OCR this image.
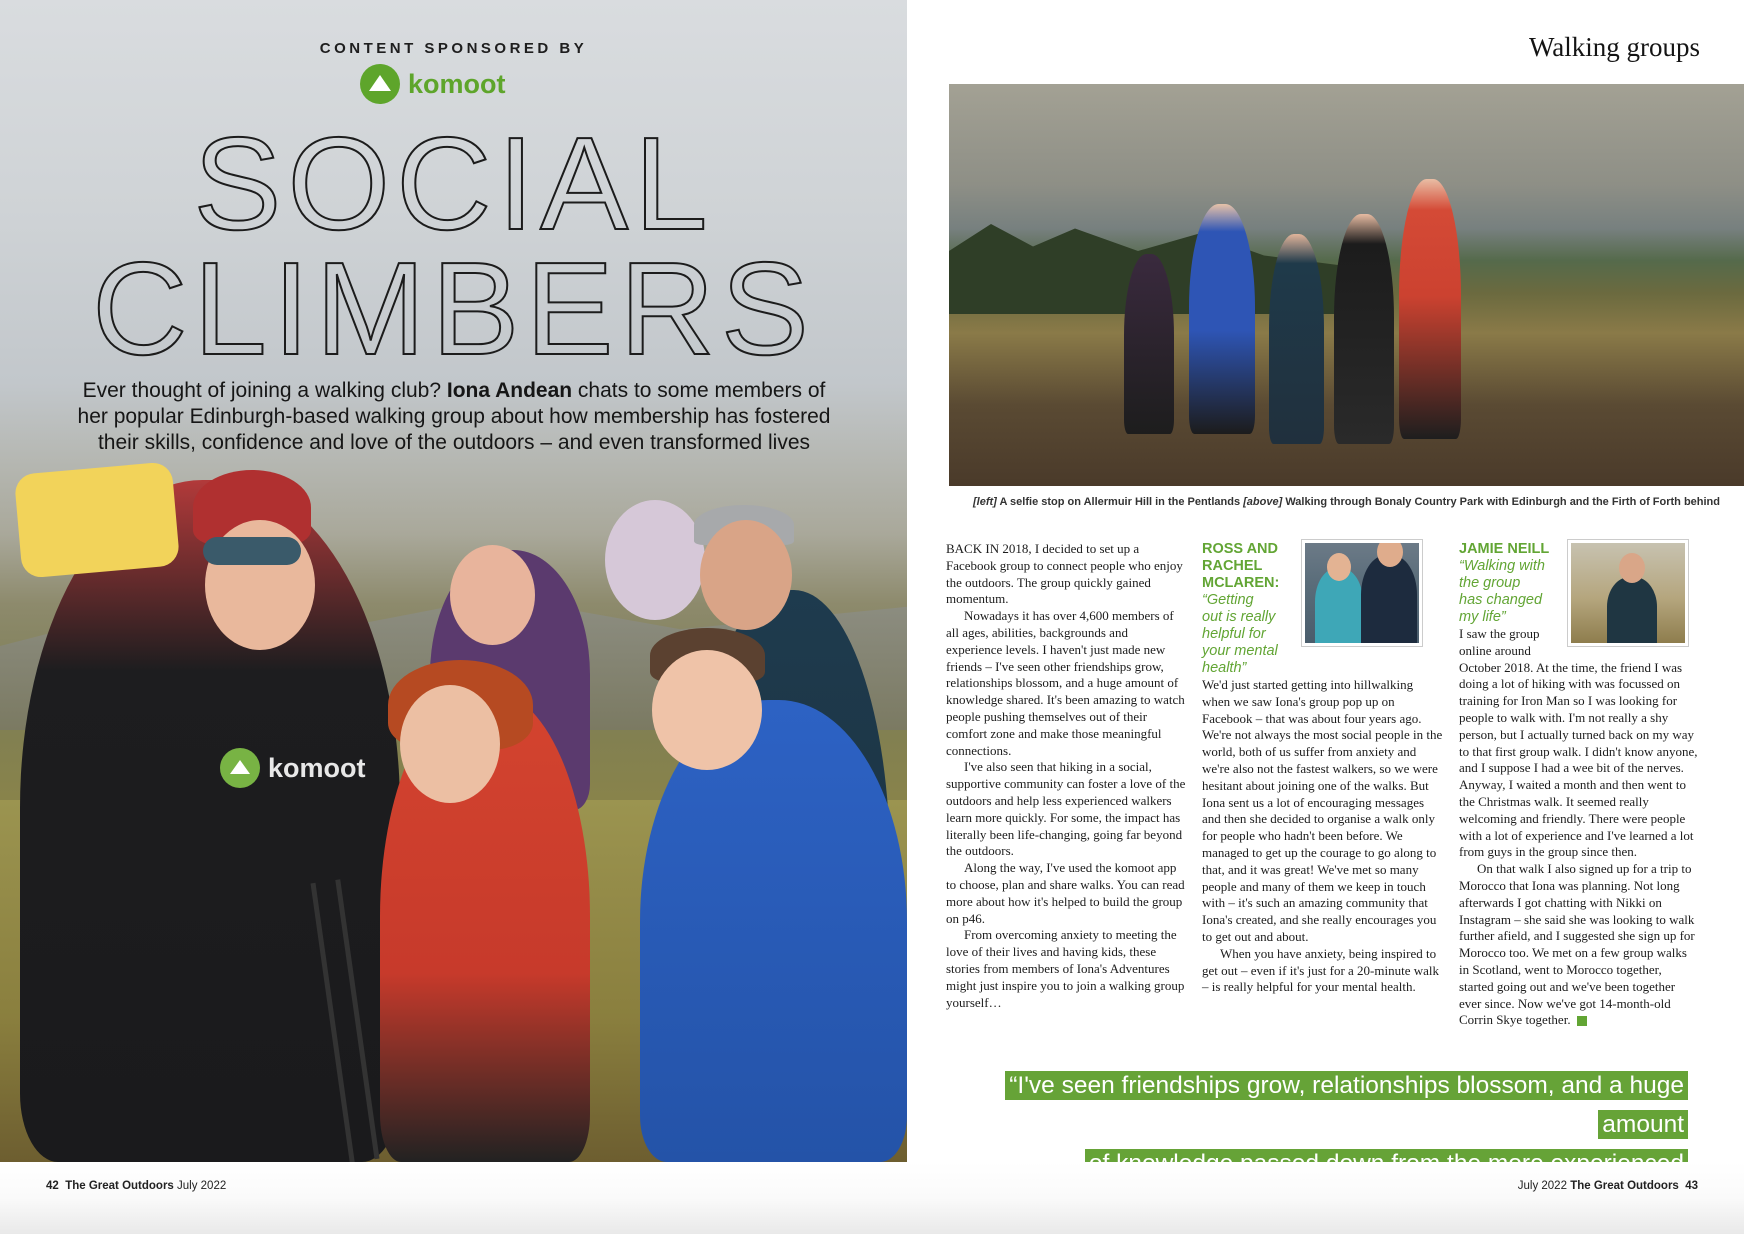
komoot
CONTENT SPONSORED BY
komoot
SOCIAL
CLIMBERS

Ever thought of joining a walking club? Iona Andean chats to some members of her popular Edinburgh-based walking group about how membership has fostered their skills, confidence and love of the outdoors – and even transformed lives

Walking groups
[left] A selfie stop on Allermuir Hill in the Pentlands [above] Walking through Bonaly Country Park with Edinburgh and the Firth of Forth behind

BACK IN 2018, I decided to set up a Facebook group to connect people who enjoy the outdoors. The group quickly gained momentum.

Nowadays it has over 4,600 members of all ages, abilities, backgrounds and experience levels. I haven't just made new friends – I've seen other friendships grow, relationships blossom, and a huge amount of knowledge shared. It's been amazing to watch people pushing themselves out of their comfort zone and make those meaningful connections.

I've also seen that hiking in a social, supportive community can foster a love of the outdoors and help less experienced walkers learn more quickly. For some, the impact has literally been life-changing, going far beyond the outdoors.

Along the way, I've used the komoot app to choose, plan and share walks. You can read more about how it's helped to build the group on p46.

From overcoming anxiety to meeting the love of their lives and having kids, these stories from members of Iona's Adventures might just inspire you to join a walking group yourself…

ROSS AND
RACHEL
MCLAREN:
“Getting
out is really
helpful for
your mental
health”

We'd just started getting into hillwalking when we saw Iona's group pop up on Facebook – that was about four years ago. We're not always the most social people in the world, both of us suffer from anxiety and we're also not the fastest walkers, so we were hesitant about joining one of the walks. But Iona sent us a lot of encouraging messages and then she decided to organise a walk only for people who hadn't been before. We managed to get up the courage to go along to that, and it was great! We've met so many people and many of them we keep in touch with – it's such an amazing community that Iona's created, and she really encourages you to get out and about.

When you have anxiety, being inspired to get out – even if it's just for a 20-minute walk – is really helpful for your mental health.

JAMIE NEILL
“Walking with
the group
has changed
my life”
I saw the group
online around

October 2018. At the time, the friend I was doing a lot of hiking with was focussed on training for Iron Man so I was looking for people to walk with. I'm not really a shy person, but I actually turned back on my way to that first group walk. I didn't know anyone, and I suppose I had a wee bit of the nerves. Anyway, I waited a month and then went to the Christmas walk. It seemed really welcoming and friendly. There were people with a lot of experience and I've learned a lot from guys in the group since then.

On that walk I also signed up for a trip to Morocco that Iona was planning. Not long afterwards I got chatting with Nikki on Instagram – she said she was looking to walk further afield, and I suggested she sign up for Morocco too. We met on a few group walks in Scotland, went to Morocco together, started going out and we've been together ever since. Now we've got 14-month-old Corrin Skye together.	➜

“I've seen friendships grow, relationships blossom, and a huge amount
42 The Great Outdoors July 2022	July 2022 The Great Outdoors 43
